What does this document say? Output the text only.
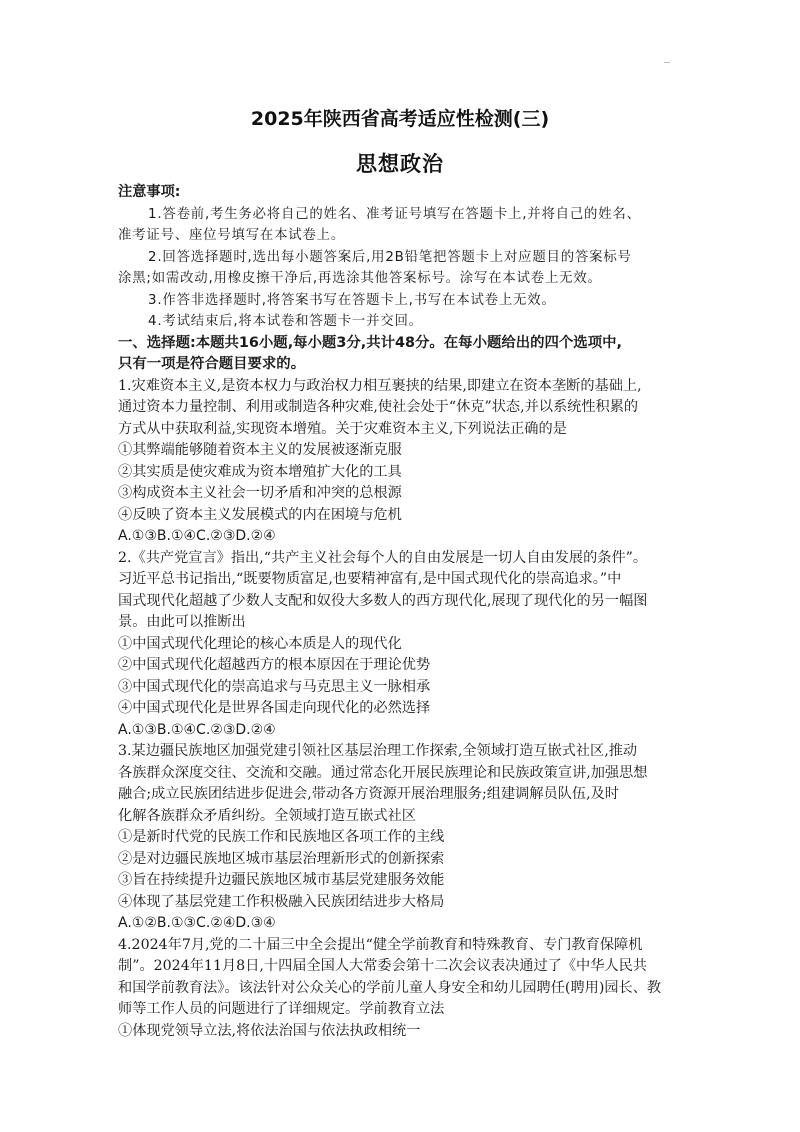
2025年陕西省高考适应性检测(三)
思想政治
注意事项:
1.答卷前,考生务必将自己的姓名、准考证号填写在答题卡上,并将自己的姓名、
准考证号、座位号填写在本试卷上。
2.回答选择题时,选出每小题答案后,用2B铅笔把答题卡上对应题目的答案标号
涂黑;如需改动,用橡皮擦干净后,再选涂其他答案标号。涂写在本试卷上无效。
3.作答非选择题时,将答案书写在答题卡上,书写在本试卷上无效。
4.考试结束后,将本试卷和答题卡一并交回。
一、选择题:本题共16小题,每小题3分,共计48分。在每小题给出的四个选项中,
只有一项是符合题目要求的。
1.灾难资本主义,是资本权力与政治权力相互裹挟的结果,即建立在资本垄断的基础上,
通过资本力量控制、利用或制造各种灾难,使社会处于“休克”状态,并以系统性积累的
方式从中获取利益,实现资本增殖。关于灾难资本主义,下列说法正确的是
①其弊端能够随着资本主义的发展被逐渐克服
②其实质是使灾难成为资本增殖扩大化的工具
③构成资本主义社会一切矛盾和冲突的总根源
④反映了资本主义发展模式的内在困境与危机
A.①③B.①④C.②③D.②④
2.《共产党宣言》指出,“共产主义社会每个人的自由发展是一切人自由发展的条件”。
习近平总书记指出,“既要物质富足,也要精神富有,是中国式现代化的崇高追求。”中
国式现代化超越了少数人支配和奴役大多数人的西方现代化,展现了现代化的另一幅图
景。由此可以推断出
①中国式现代化理论的核心本质是人的现代化
②中国式现代化超越西方的根本原因在于理论优势
③中国式现代化的崇高追求与马克思主义一脉相承
④中国式现代化是世界各国走向现代化的必然选择
A.①③B.①④C.②③D.②④
3.某边疆民族地区加强党建引领社区基层治理工作探索,全领域打造互嵌式社区,推动
各族群众深度交往、交流和交融。通过常态化开展民族理论和民族政策宣讲,加强思想
融合;成立民族团结进步促进会,带动各方资源开展治理服务;组建调解员队伍,及时
化解各族群众矛盾纠纷。全领域打造互嵌式社区
①是新时代党的民族工作和民族地区各项工作的主线
②是对边疆民族地区城市基层治理新形式的创新探索
③旨在持续提升边疆民族地区城市基层党建服务效能
④体现了基层党建工作积极融入民族团结进步大格局
A.①②B.①③C.②④D.③④
4.2024年7月,党的二十届三中全会提出“健全学前教育和特殊教育、专门教育保障机
制”。2024年11月8日,十四届全国人大常委会第十二次会议表决通过了《中华人民共
和国学前教育法》。该法针对公众关心的学前儿童人身安全和幼儿园聘任(聘用)园长、教
师等工作人员的问题进行了详细规定。学前教育立法
①体现党领导立法,将依法治国与依法执政相统一
